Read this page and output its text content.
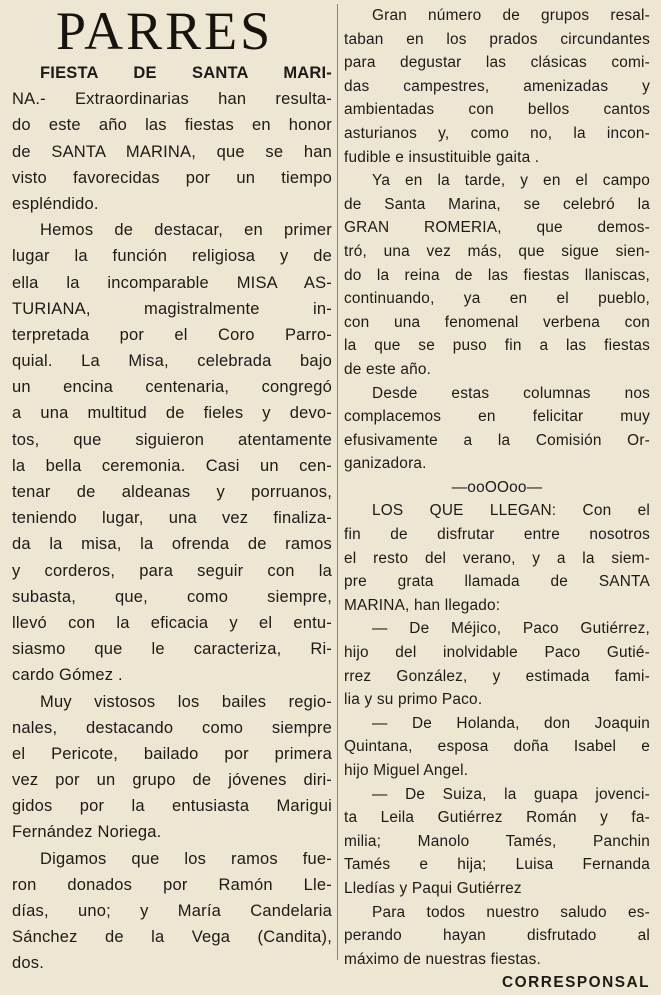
PARRES
FIESTA DE SANTA MARI-
NA.- Extraordinarias han resulta-
do este año las fiestas en honor
de SANTA MARINA, que se han
visto favorecidas por un tiempo
espléndido.
Hemos de destacar, en primer
lugar la función religiosa y de
ella la incomparable MISA AS-
TURIANA, magistralmente in-
terpretada por el Coro Parro-
quial. La Misa, celebrada bajo
un encina centenaria, congregó
a una multitud de fieles y devo-
tos, que siguieron atentamente
la bella ceremonia. Casi un cen-
tenar de aldeanas y porruanos,
teniendo lugar, una vez finaliza-
da la misa, la ofrenda de ramos
y corderos, para seguir con la
subasta, que, como siempre,
llevó con la eficacia y el entu-
siasmo que le caracteriza, Ri-
cardo Gómez .
Muy vistosos los bailes regio-
nales, destacando como siempre
el Pericote, bailado por primera
vez por un grupo de jóvenes diri-
gidos por la entusiasta Marigui
Fernández Noriega.
Digamos que los ramos fue-
ron donados por Ramón Lle-
días, uno; y María Candelaria
Sánchez de la Vega (Candita),
dos.
Gran número de grupos resal-
taban en los prados circundantes
para degustar las clásicas comi-
das campestres, amenizadas y
ambientadas con bellos cantos
asturianos y, como no, la incon-
fudible e insustituible gaita .
Ya en la tarde, y en el campo
de Santa Marina, se celebró la
GRAN ROMERIA, que demos-
tró, una vez más, que sigue sien-
do la reina de las fiestas llaniscas,
continuando, ya en el pueblo,
con una fenomenal verbena con
la que se puso fin a las fiestas
de este año.
Desde estas columnas nos
complacemos en felicitar muy
efusivamente a la Comisión Or-
ganizadora.
—ooOOoo—
LOS QUE LLEGAN: Con el
fin de disfrutar entre nosotros
el resto del verano, y a la siem-
pre grata llamada de SANTA
MARINA, han llegado:
— De Méjico, Paco Gutiérrez,
hijo del inolvidable Paco Gutié-
rrez González, y estimada fami-
lia y su primo Paco.
— De Holanda, don Joaquin
Quintana, esposa doña Isabel e
hijo Miguel Angel.
— De Suiza, la guapa jovenci-
ta Leila Gutiérrez Román y fa-
milia; Manolo Tamés, Panchin
Tamés e hija; Luisa Fernanda
Lledías y Paqui Gutiérrez
Para todos nuestro saludo es-
perando hayan disfrutado al
máximo de nuestras fiestas.
CORRESPONSAL
